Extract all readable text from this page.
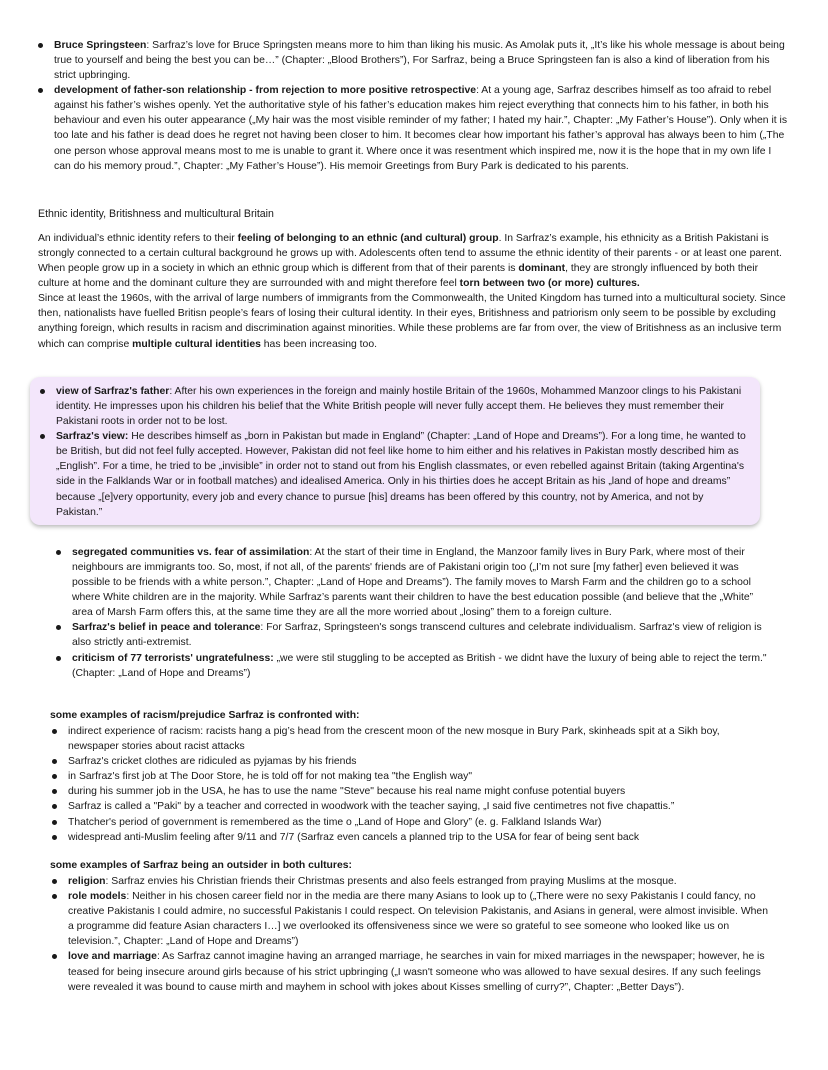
Bruce Springsteen: Sarfraz’s love for Bruce Springsten means more to him than liking his music. As Amolak puts it, „It’s like his whole message is about being true to yourself and being the best you can be…” (Chapter: „Blood Brothers”), For Sarfraz, being a Bruce Springsteen fan is also a kind of liberation from his strict upbringing.
development of father-son relationship - from rejection to more positive retrospective: At a young age, Sarfraz describes himself as too afraid to rebel against his father’s wishes openly. Yet the authoritative style of his father’s education makes him reject everything that connects him to his father, in both his behaviour and even his outer appearance („My hair was the most visible reminder of my father; I hated my hair.”, Chapter: „My Father’s House”). Only when it is too late and his father is dead does he regret not having been closer to him. It becomes clear how important his father’s approval has always been to him („The one person whose approval means most to me is unable to grant it. Where once it was resentment which inspired me, now it is the hope that in my own life I can do his memory proud.”, Chapter: „My Father’s House”). His memoir Greetings from Bury Park is dedicated to his parents.
Ethnic identity, Britishness and multicultural Britain

An individual’s ethnic identity refers to their feeling of belonging to an ethnic (and cultural) group. In Sarfraz’s example, his ethnicity as a British Pakistani is strongly connected to a certain cultural background he grows up with. Adolescents often tend to assume the ethnic identity of their parents - or at least one parent. When people grow up in a society in which an ethnic group which is different from that of their parents is dominant, they are strongly influenced by both their culture at home and the dominant culture they are surrounded with and might therefore feel torn between two (or more) cultures.

Since at least the 1960s, with the arrival of large numbers of immigrants from the Commonwealth, the United Kingdom has turned into a multicultural society. Since then, nationalists have fuelled Britisn people’s fears of losing their cultural identity. In their eyes, Britishness and patriorism only seem to be possible by excluding anything foreign, which results in racism and discrimination against minorities. While these problems are far from over, the view of Britishness as an inclusive term which can comprise multiple cultural identities has been increasing too.

view of Sarfraz's father: After his own experiences in the foreign and mainly hostile Britain of the 1960s, Mohammed Manzoor clings to his Pakistani identity. He impresses upon his children his belief that the White British people will never fully accept them. He believes they must remember their Pakistani roots in order not to be lost.
Sarfraz's view: He describes himself as „born in Pakistan but made in England” (Chapter: „Land of Hope and Dreams”). For a long time, he wanted to be British, but did not feel fully accepted. However, Pakistan did not feel like home to him either and his relatives in Pakistan mostly described him as „English”. For a time, he tried to be „invisible” in order not to stand out from his English classmates, or even rebelled against Britain (taking Argentina's side in the Falklands War or in football matches) and idealised America. Only in his thirties does he accept Britain as his „land of hope and dreams” because „[e]very opportunity, every job and every chance to pursue [his] dreams has been offered by this country, not by America, and not by Pakistan.”
segregated communities vs. fear of assimilation: At the start of their time in England, the Manzoor family lives in Bury Park, where most of their neighbours are immigrants too. So, most, if not all, of the parents' friends are of Pakistani origin too („I’m not sure [my father] even believed it was possible to be friends with a white person.”, Chapter: „Land of Hope and Dreams”). The family moves to Marsh Farm and the children go to a school where White children are in the majority. While Sarfraz’s parents want their children to have the best education possible (and believe that the „White” area of Marsh Farm offers this, at the same time they are all the more worried about „losing” them to a foreign culture.
Sarfraz's belief in peace and tolerance: For Sarfraz, Springsteen's songs transcend cultures and celebrate individualism. Sarfraz's view of religion is also strictly anti-extremist.
criticism of 77 terrorists' ungratefulness: „we were stil stuggling to be accepted as British - we didnt have the luxury of being able to reject the term." (Chapter: „Land of Hope and Dreams”)
some examples of racism/prejudice Sarfraz is confronted with:
indirect experience of racism: racists hang a pig’s head from the crescent moon of the new mosque in Bury Park, skinheads spit at a Sikh boy, newspaper stories about racist attacks
Sarfraz's cricket clothes are ridiculed as pyjamas by his friends
in Sarfraz's first job at The Door Store, he is told off for not making tea "the English way"
during his summer job in the USA, he has to use the name "Steve" because his real name might confuse potential buyers
Sarfraz is called a "Paki" by a teacher and corrected in woodwork with the teacher saying, „I said five centimetres not five chapattis.”
Thatcher's period of government is remembered as the time o „Land of Hope and Glory” (e. g. Falkland Islands War)
widespread anti-Muslim feeling after 9/11 and 7/7 (Sarfraz even cancels a planned trip to the USA for fear of being sent back
some examples of Sarfraz being an outsider in both cultures:
religion: Sarfraz envies his Christian friends their Christmas presents and also feels estranged from praying Muslims at the mosque.
role models: Neither in his chosen career field nor in the media are there many Asians to look up to („There were no sexy Pakistanis I could fancy, no creative Pakistanis I could admire, no successful Pakistanis I could respect. On television Pakistanis, and Asians in general, were almost invisible. When a programme did feature Asian characters I…] we overlooked its offensiveness since we were so grateful to see someone who looked like us on television.”, Chapter: „Land of Hope and Dreams”)
love and marriage: As Sarfraz cannot imagine having an arranged marriage, he searches in vain for mixed marriages in the newspaper; however, he is teased for being insecure around girls because of his strict upbringing („I wasn't someone who was allowed to have sexual desires. If any such feelings were revealed it was bound to cause mirth and mayhem in school with jokes about Kisses smelling of curry?”, Chapter: „Better Days”).
